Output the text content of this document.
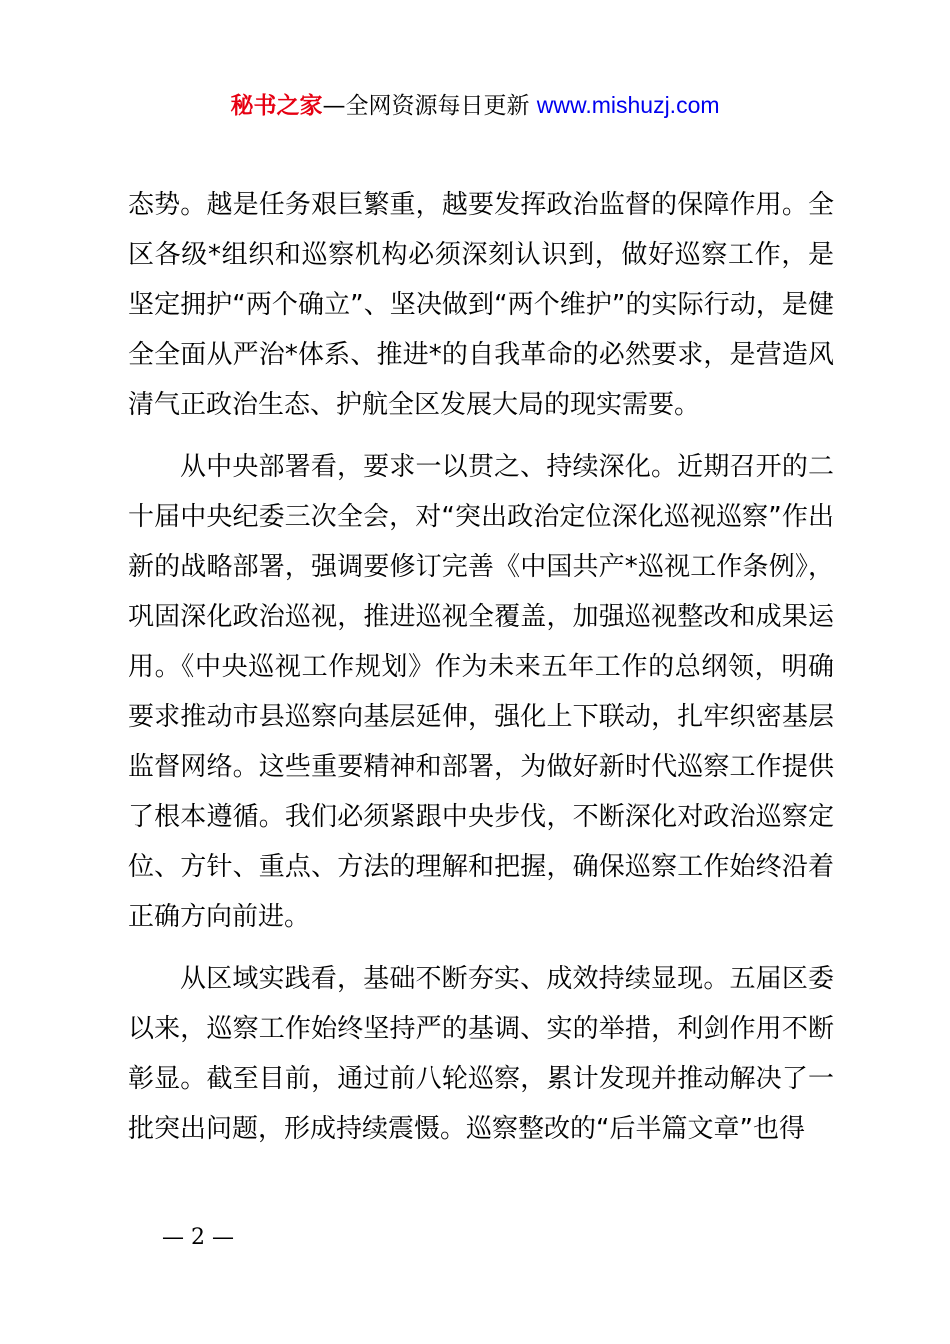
秘书之家—全网资源每日更新 www.mishuzj.com

态势。越是任务艰巨繁重，越要发挥政治监督的保障作用。全区各级*组织和巡察机构必须深刻认识到，做好巡察工作，是坚定拥护“两个确立”、坚决做到“两个维护”的实际行动，是健全全面从严治*体系、推进*的自我革命的必然要求，是营造风清气正政治生态、护航全区发展大局的现实需要。

从中央部署看，要求一以贯之、持续深化。近期召开的二十届中央纪委三次全会，对“突出政治定位深化巡视巡察”作出新的战略部署，强调要修订完善《中国共产*巡视工作条例》，巩固深化政治巡视，推进巡视全覆盖，加强巡视整改和成果运用。《中央巡视工作规划》作为未来五年工作的总纲领，明确要求推动市县巡察向基层延伸，强化上下联动，扎牢织密基层监督网络。这些重要精神和部署，为做好新时代巡察工作提供了根本遵循。我们必须紧跟中央步伐，不断深化对政治巡察定位、方针、重点、方法的理解和把握，确保巡察工作始终沿着正确方向前进。

从区域实践看，基础不断夯实、成效持续显现。五届区委以来，巡察工作始终坚持严的基调、实的举措，利剑作用不断彰显。截至目前，通过前八轮巡察，累计发现并推动解决了一批突出问题，形成持续震慑。巡察整改的“后半篇文章”也得

— 2 —
